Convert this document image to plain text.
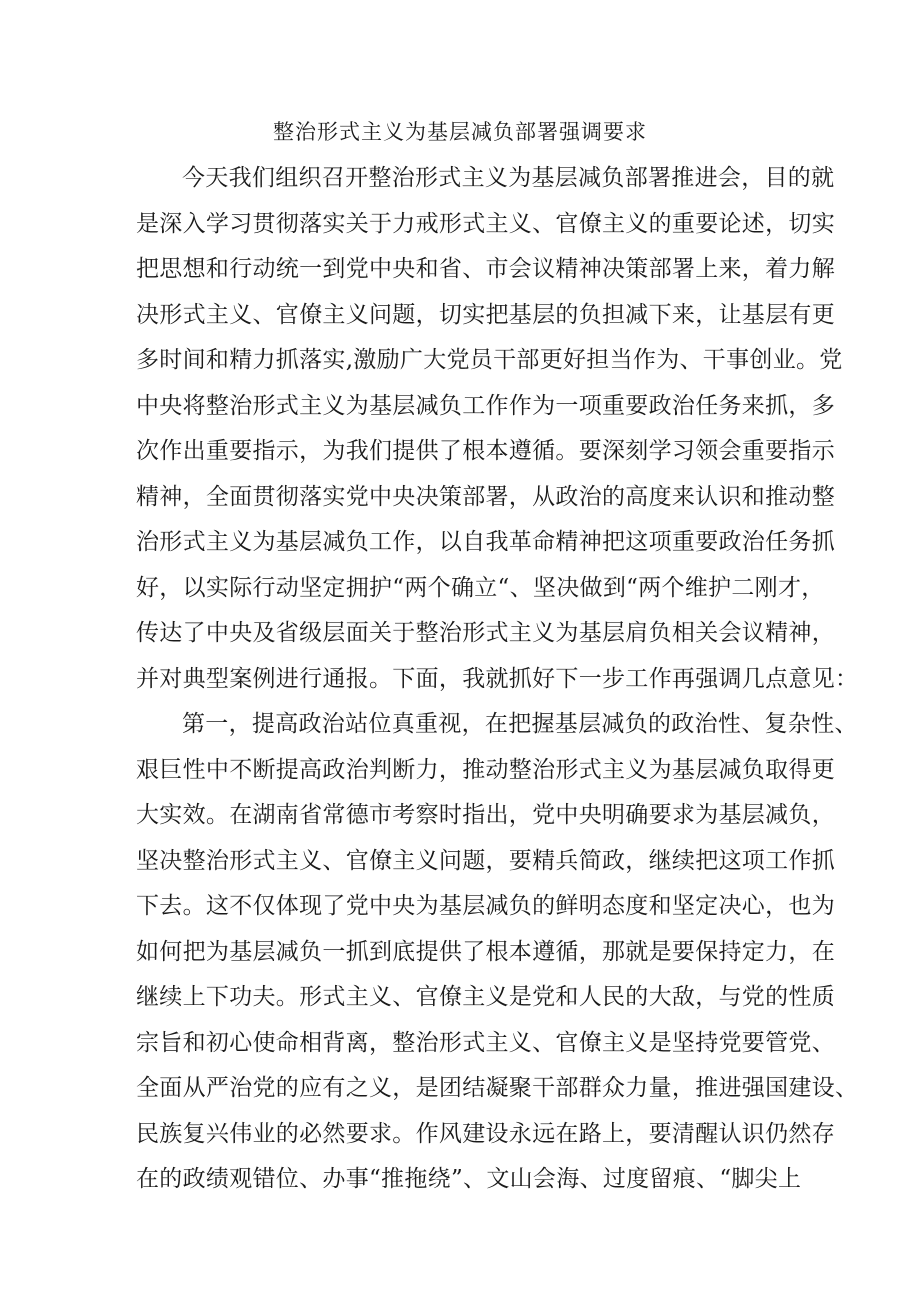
整治形式主义为基层减负部署强调要求
今天我们组织召开整治形式主义为基层减负部署推进会，目的就
是深入学习贯彻落实关于力戒形式主义、官僚主义的重要论述，切实
把思想和行动统一到党中央和省、市会议精神决策部署上来，着力解
决形式主义、官僚主义问题，切实把基层的负担减下来，让基层有更
多时间和精力抓落实,激励广大党员干部更好担当作为、干事创业。党
中央将整治形式主义为基层减负工作作为一项重要政治任务来抓，多
次作出重要指示，为我们提供了根本遵循。要深刻学习领会重要指示
精神，全面贯彻落实党中央决策部署，从政治的高度来认识和推动整
治形式主义为基层减负工作，以自我革命精神把这项重要政治任务抓
好，以实际行动坚定拥护“两个确立“、坚决做到“两个维护二刚才，
传达了中央及省级层面关于整治形式主义为基层肩负相关会议精神，
并对典型案例进行通报。下面，我就抓好下一步工作再强调几点意见：
第一，提高政治站位真重视，在把握基层减负的政治性、复杂性、
艰巨性中不断提高政治判断力，推动整治形式主义为基层减负取得更
大实效。在湖南省常德市考察时指出，党中央明确要求为基层减负，
坚决整治形式主义、官僚主义问题，要精兵简政，继续把这项工作抓
下去。这不仅体现了党中央为基层减负的鲜明态度和坚定决心，也为
如何把为基层减负一抓到底提供了根本遵循，那就是要保持定力，在
继续上下功夫。形式主义、官僚主义是党和人民的大敌，与党的性质
宗旨和初心使命相背离，整治形式主义、官僚主义是坚持党要管党、
全面从严治党的应有之义，是团结凝聚干部群众力量，推进强国建设、
民族复兴伟业的必然要求。作风建设永远在路上，要清醒认识仍然存
在的政绩观错位、办事“推拖绕”、文山会海、过度留痕、“脚尖上
